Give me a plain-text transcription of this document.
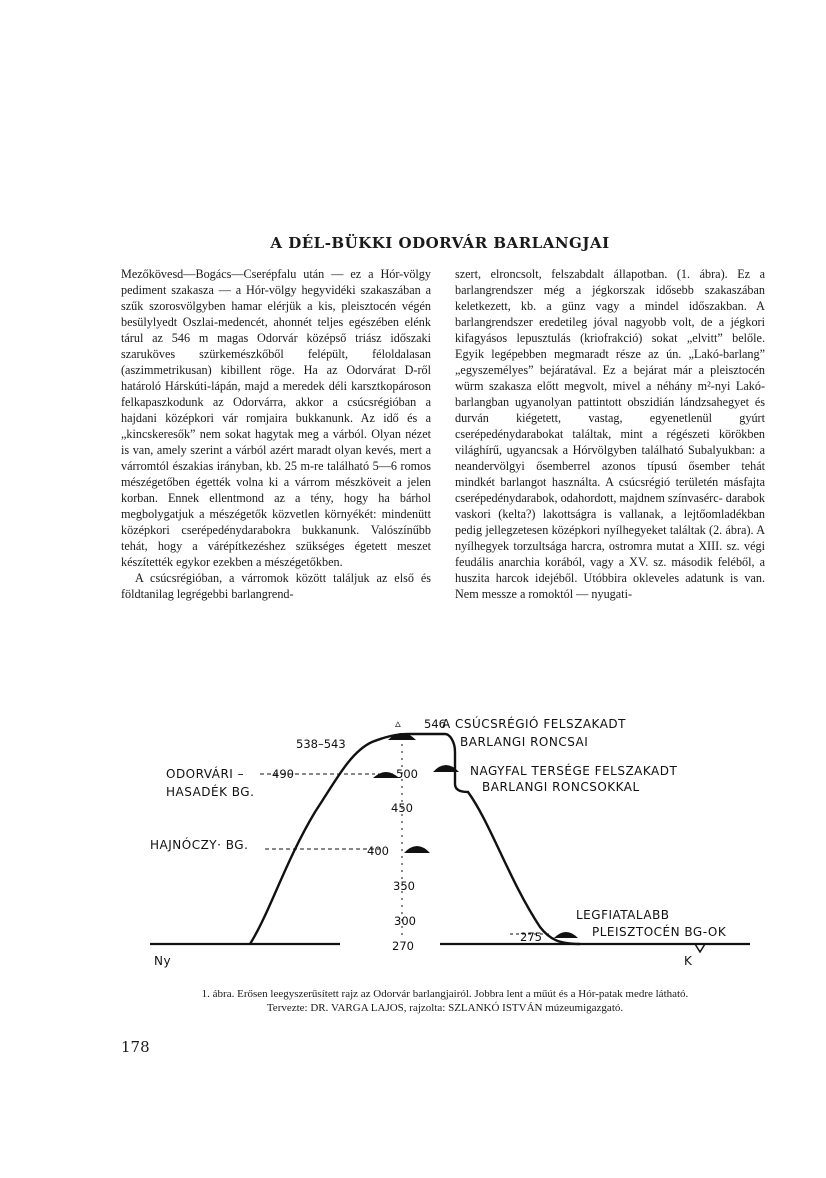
A DÉL-BÜKKI ODORVÁR BARLANGJAI

Mezőkövesd—Bogács—Cserépfalu után — ez a Hór-völgy pediment szakasza — a Hór-völgy hegyvidéki szakaszában a szűk szorosvölgyben hamar elérjük a kis, pleisztocén végén besülylyedt Oszlai-medencét, ahonnét teljes egészében elénk tárul az 546 m magas Odorvár középső triász időszaki szaruköves szürkemészkőből felépült, féloldalasan (aszimmetrikusan) kibillent röge. Ha az Odorvárat D-ről határoló Hárskúti-lápán, majd a meredek déli karsztkopároson felkapaszkodunk az Odorvárra, akkor a csúcsrégióban a hajdani középkori vár romjaira bukkanunk. Az idő és a „kincskeresők” nem sokat hagytak meg a várból. Olyan nézet is van, amely szerint a várból azért maradt olyan kevés, mert a várromtól északias irányban, kb. 25 m-re található 5—6 romos mészégetőben égették volna ki a várrom mészköveit a jelen korban. Ennek ellentmond az a tény, hogy ha bárhol megbolygatjuk a mészégetők közvetlen környékét: mindenütt középkori cserépedénydarabokra bukkanunk. Valószínűbb tehát, hogy a várépítkezéshez szükséges égetett meszet készítették egykor ezekben a mészégetőkben.

A csúcsrégióban, a várromok között találjuk az első és földtanilag legrégebbi barlangrend-

szert, elroncsolt, felszabdalt állapotban. (1. ábra). Ez a barlangrendszer még a jégkorszak idősebb szakaszában keletkezett, kb. a günz vagy a mindel időszakban. A barlangrendszer eredetileg jóval nagyobb volt, de a jégkori kifagyásos lepusztulás (kriofrakció) sokat „elvitt” belőle. Egyik legépebben megmaradt része az ún. „Lakó-barlang” „egyszemélyes” bejáratával. Ez a bejárat már a pleisztocén würm szakasza előtt megvolt, mivel a néhány m²-nyi Lakó-barlangban ugyanolyan pattintott obszidián lándzsahegyet és durván kiégetett, vastag, egyenetlenül gyúrt cserépedénydarabokat találtak, mint a régészeti körökben világhírű, ugyancsak a Hórvölgyben található Subalyukban: a neandervölgyi ősemberrel azonos típusú ősember tehát mindkét barlangot használta. A csúcsrégió területén másfajta cserépedénydarabok, odahordott, majdnem színvasérc- darabok vaskori (kelta?) lakottságra is vallanak, a lejtőomladékban pedig jellegzetesen középkori nyílhegyeket találtak (2. ábra). A nyílhegyek torzultsága harcra, ostromra mutat a XIII. sz. végi feudális anarchia korából, vagy a XV. sz. második feléből, a huszita harcok idejéből. Utóbbira okleveles adatunk is van. Nem messze a romoktól — nyugati-

546
▵
538–543
490	500
450
400
350
300
270
275
A CSÚCSRÉGIÓ FELSZAKADT
BARLANGI RONCSAI
NAGYFAL TERSÉGE FELSZAKADT
BARLANGI RONCSOKKAL
ODORVÁRI –
HASADÉK BG.
HAJNÓCZY· BG.
LEGFIATALABB
PLEISZTOCÉN BG-OK
Ny	K
1. ábra. Erősen leegyszerűsített rajz az Odorvár barlangjairól. Jobbra lent a műút és a Hór-patak medre látható.
Tervezte: DR. VARGA LAJOS, rajzolta: SZLANKÓ ISTVÁN múzeumigazgató.
178
